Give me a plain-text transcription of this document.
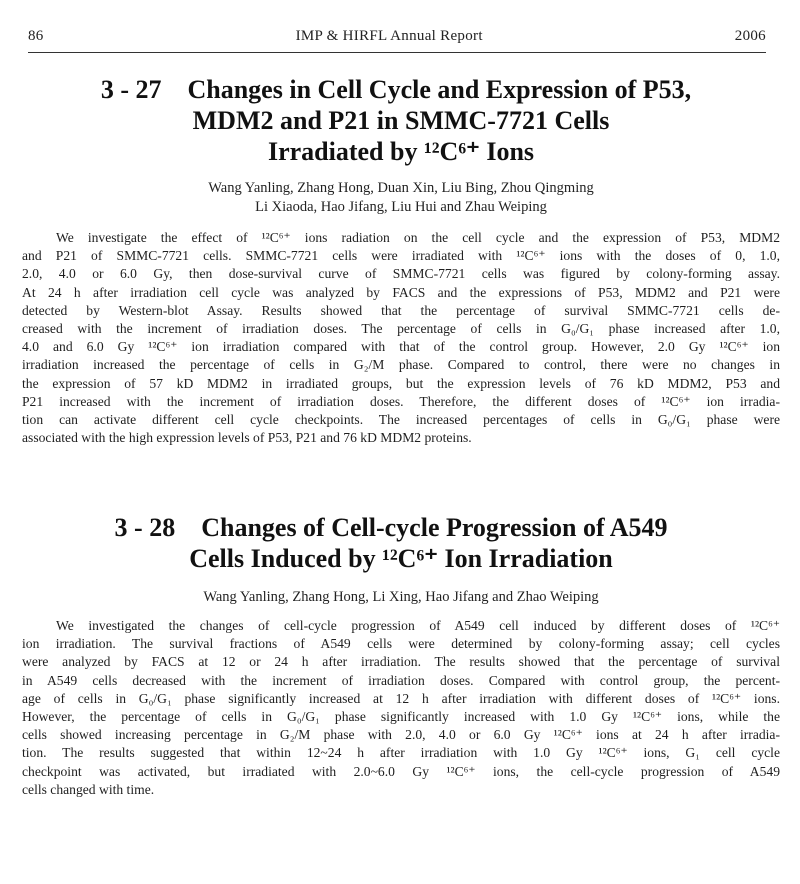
86	IMP & HIRFL Annual Report	2006
3 - 27 Changes in Cell Cycle and Expression of P53,
MDM2 and P21 in SMMC-7721 Cells
Irradiated by ¹²C⁶⁺ Ions
Wang Yanling, Zhang Hong, Duan Xin, Liu Bing, Zhou Qingming
Li Xiaoda, Hao Jifang, Liu Hui and Zhau Weiping
We investigate the effect of ¹²C⁶⁺ ions radiation on the cell cycle and the expression of P53, MDM2
and P21 of SMMC-7721 cells. SMMC-7721 cells were irradiated with ¹²C⁶⁺ ions with the doses of 0, 1.0,
2.0, 4.0 or 6.0 Gy, then dose-survival curve of SMMC-7721 cells was figured by colony-forming assay.
At 24 h after irradiation cell cycle was analyzed by FACS and the expressions of P53, MDM2 and P21 were
detected by Western-blot Assay. Results showed that the percentage of survival SMMC-7721 cells de-
creased with the increment of irradiation doses. The percentage of cells in G₀/G₁ phase increased after 1.0,
4.0 and 6.0 Gy ¹²C⁶⁺ ion irradiation compared with that of the control group. However, 2.0 Gy ¹²C⁶⁺ ion
irradiation increased the percentage of cells in G₂/M phase. Compared to control, there were no changes in
the expression of 57 kD MDM2 in irradiated groups, but the expression levels of 76 kD MDM2, P53 and
P21 increased with the increment of irradiation doses. Therefore, the different doses of ¹²C⁶⁺ ion irradia-
tion can activate different cell cycle checkpoints. The increased percentages of cells in G₀/G₁ phase were
associated with the high expression levels of P53, P21 and 76 kD MDM2 proteins.
3 - 28 Changes of Cell-cycle Progression of A549
Cells Induced by ¹²C⁶⁺ Ion Irradiation
Wang Yanling, Zhang Hong, Li Xing, Hao Jifang and Zhao Weiping
We investigated the changes of cell-cycle progression of A549 cell induced by different doses of ¹²C⁶⁺
ion irradiation. The survival fractions of A549 cells were determined by colony-forming assay; cell cycles
were analyzed by FACS at 12 or 24 h after irradiation. The results showed that the percentage of survival
in A549 cells decreased with the increment of irradiation doses. Compared with control group, the percent-
age of cells in G₀/G₁ phase significantly increased at 12 h after irradiation with different doses of ¹²C⁶⁺ ions.
However, the percentage of cells in G₀/G₁ phase significantly increased with 1.0 Gy ¹²C⁶⁺ ions, while the
cells showed increasing percentage in G₂/M phase with 2.0, 4.0 or 6.0 Gy ¹²C⁶⁺ ions at 24 h after irradia-
tion. The results suggested that within 12~24 h after irradiation with 1.0 Gy ¹²C⁶⁺ ions, G₁ cell cycle
checkpoint was activated, but irradiated with 2.0~6.0 Gy ¹²C⁶⁺ ions, the cell-cycle progression of A549
cells changed with time.
